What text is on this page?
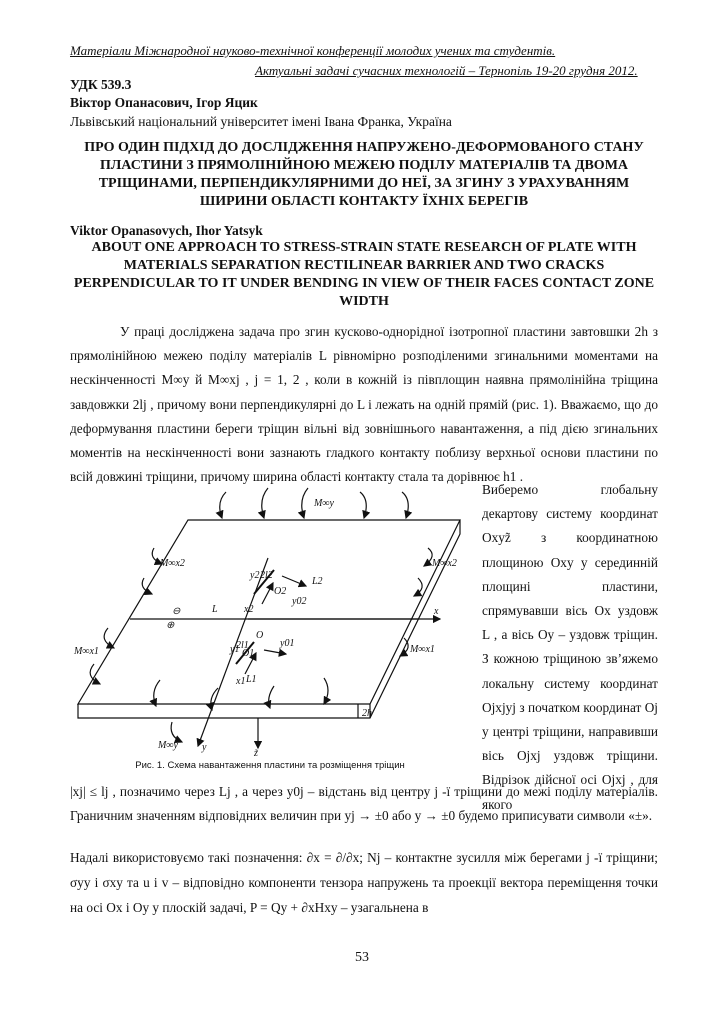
Матеріали Міжнародної науково-технічної конференції молодих учених та студентів.
Актуальні задачі сучасних технологій – Тернопіль 19-20 грудня 2012.
УДК 539.3
Віктор Опанасович, Ігор Яцик
Львівський національний університет імені Івана Франка, Україна
ПРО ОДИН ПІДХІД ДО ДОСЛІДЖЕННЯ НАПРУЖЕНО-ДЕФОРМОВАНОГО СТАНУ ПЛАСТИНИ З ПРЯМОЛІНІЙНОЮ МЕЖЕЮ ПОДІЛУ МАТЕРІАЛІВ ТА ДВОМА ТРІЩИНАМИ, ПЕРПЕНДИКУЛЯРНИМИ ДО НЕЇ, ЗА ЗГИНУ З УРАХУВАННЯМ ШИРИНИ ОБЛАСТІ КОНТАКТУ ЇХНІХ БЕРЕГІВ
Viktor Opanasovych, Ihor Yatsyk
ABOUT ONE APPROACH TO STRESS-STRAIN STATE RESEARCH OF PLATE WITH MATERIALS SEPARATION RECTILINEAR BARRIER AND TWO CRACKS PERPENDICULAR TO IT UNDER BENDING IN VIEW OF THEIR FACES CONTACT ZONE WIDTH
У праці досліджена задача про згин кусково-однорідної ізотропної пластини завтовшки 2h з прямолінійною межею поділу матеріалів L рівномірно розподіленими згинальними моментами на нескінченності M∞y й M∞xj , j = 1, 2 , коли в кожній із півплощин наявна прямолінійна тріщина завдовжки 2lj , причому вони перпендикулярні до L і лежать на одній прямій (рис. 1). Вважаємо, що до деформування пластини береги тріщин вільні від зовнішнього навантаження, а під дією згинальних моментів на нескінченності вони зазнають гладкого контакту поблизу верхньої основи пластини по всій довжині тріщини, причому ширина області контакту стала та дорівнює h1 .
M∞y
M∞x2	M∞x2
M∞x1	M∞x1
M∞y
L	x
y
z̃
O
O1
O2
L1
L2
x1
y1
x2
y2
2l1
2l2
y01
y02
2h
⊖
⊕
Рис. 1. Схема навантаження пластини та розміщення тріщин
Виберемо глобальну декартову систему координат Oxyz̃ з координатною площиною Oxy у серединній площині пластини, спрямувавши вісь Ox уздовж L , а вісь Oy – уздовж тріщин. З кожною тріщиною зв’яжемо локальну систему координат Ojxjyj з початком координат Oj у центрі тріщини, направивши вісь Ojxj уздовж тріщини. Відрізок дійсної осі Ojxj , для якого
|xj| ≤ lj , позначимо через Lj , а через y0j – відстань від центру j -ї тріщини до межі поділу матеріалів. Граничним значенням відповідних величин при yj → ±0 або y → ±0 будемо приписувати символи «±».
Надалі використовуємо такі позначення: ∂x = ∂/∂x; Nj – контактне зусилля між берегами j -ї тріщини; σyy і σxy та u і v – відповідно компоненти тензора напружень та проекції вектора переміщення точки на осі Ox і Oy у плоскій задачі, P = Qy + ∂xHxy – узагальнена в
53
